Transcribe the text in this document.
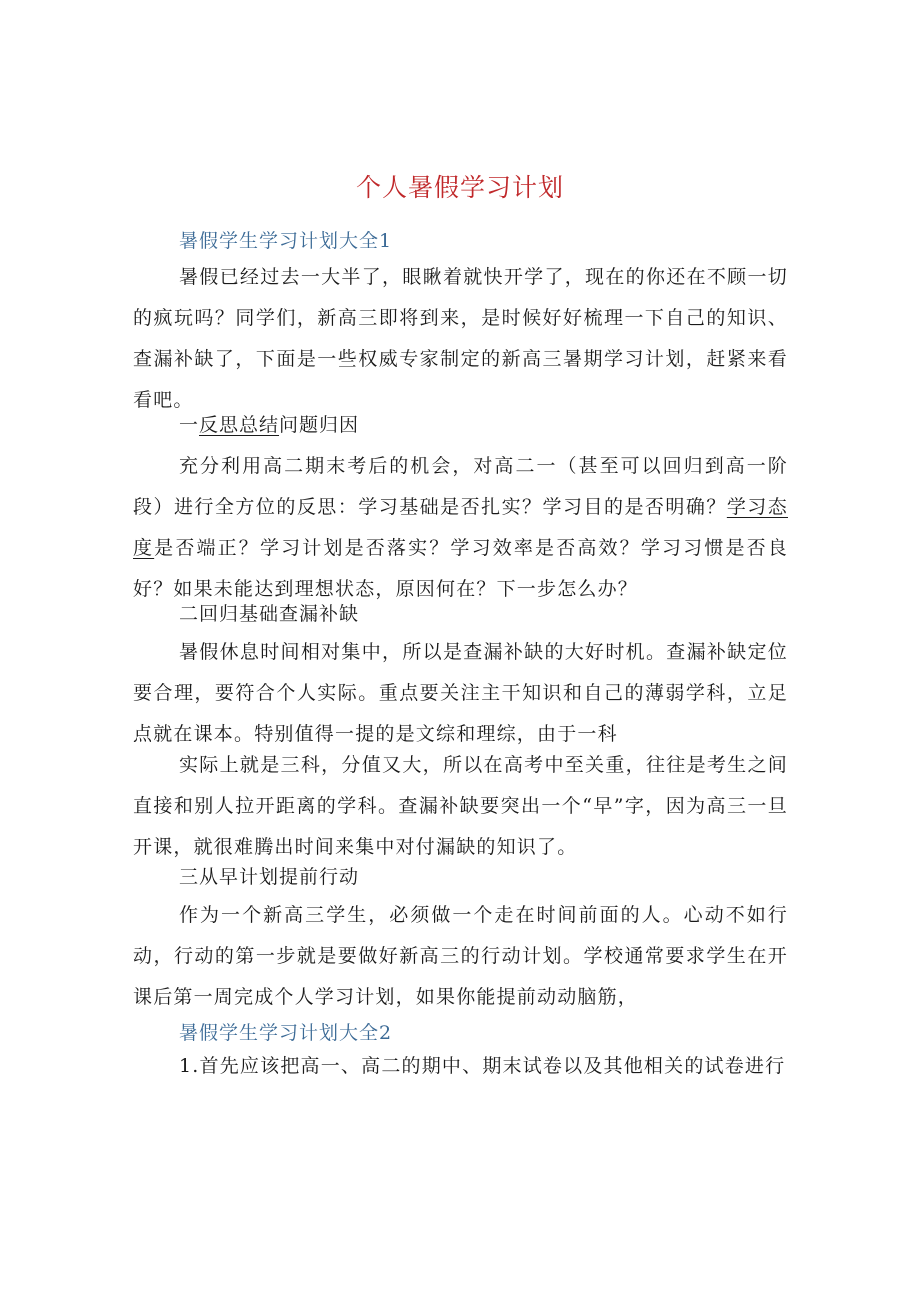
个人暑假学习计划
暑假学生学习计划大全1

暑假已经过去一大半了，眼瞅着就快开学了，现在的你还在不顾一切的疯玩吗？同学们，新高三即将到来，是时候好好梳理一下自己的知识、查漏补缺了，下面是一些权威专家制定的新高三暑期学习计划，赶紧来看看吧。

一反思总结问题归因

充分利用高二期末考后的机会，对高二一（甚至可以回归到高一阶段）进行全方位的反思：学习基础是否扎实？学习目的是否明确？学习态度是否端正？学习计划是否落实？学习效率是否高效？学习习惯是否良好？如果未能达到理想状态，原因何在？下一步怎么办？

二回归基础查漏补缺

暑假休息时间相对集中，所以是查漏补缺的大好时机。查漏补缺定位要合理，要符合个人实际。重点要关注主干知识和自己的薄弱学科，立足点就在课本。特别值得一提的是文综和理综，由于一科

实际上就是三科，分值又大，所以在高考中至关重，往往是考生之间直接和别人拉开距离的学科。查漏补缺要突出一个“早”字，因为高三一旦开课，就很难腾出时间来集中对付漏缺的知识了。

三从早计划提前行动

作为一个新高三学生，必须做一个走在时间前面的人。心动不如行动，行动的第一步就是要做好新高三的行动计划。学校通常要求学生在开课后第一周完成个人学习计划，如果你能提前动动脑筋，

暑假学生学习计划大全2

1.首先应该把高一、高二的期中、期末试卷以及其他相关的试卷进行
